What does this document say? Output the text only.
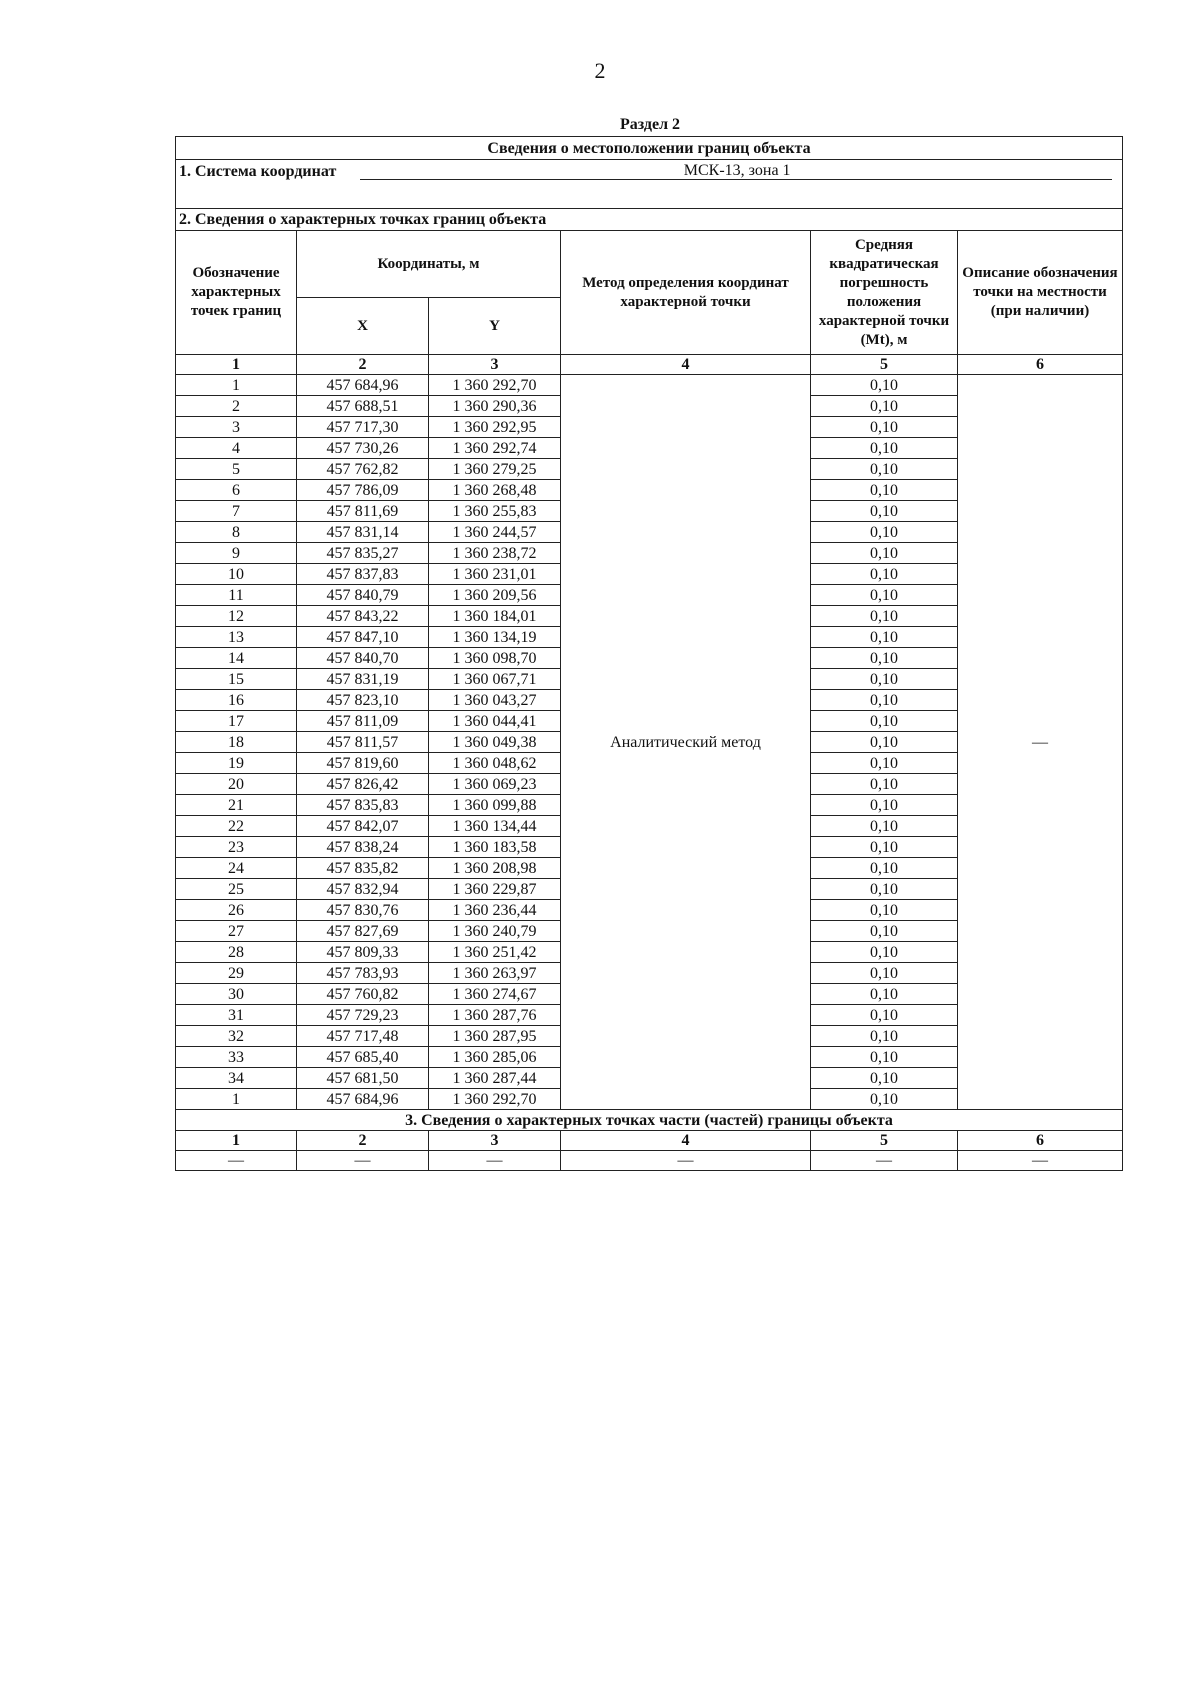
2
Раздел 2
Сведения о местоположении границ объекта					

1. Система координат МСК-13, зона 1					

2. Сведения о характерных точках границ объекта					
Обозначение характерных точек границ	Координаты, м		Метод определения координат характерной точки	Средняя квадратическая погрешность положения характерной точки (Mt), м	Описание обозначения точки на местности (при наличии)
	X	Y			
1	2	3	4	5	6
1	457 684,96	1 360 292,70	Аналитический метод	0,10	—
2	457 688,51	1 360 290,36		0,10	
3	457 717,30	1 360 292,95		0,10	
4	457 730,26	1 360 292,74		0,10	
5	457 762,82	1 360 279,25		0,10	
6	457 786,09	1 360 268,48		0,10	
7	457 811,69	1 360 255,83		0,10	
8	457 831,14	1 360 244,57		0,10	
9	457 835,27	1 360 238,72		0,10	
10	457 837,83	1 360 231,01		0,10	
11	457 840,79	1 360 209,56		0,10	
12	457 843,22	1 360 184,01		0,10	
13	457 847,10	1 360 134,19		0,10	
14	457 840,70	1 360 098,70		0,10	
15	457 831,19	1 360 067,71		0,10	
16	457 823,10	1 360 043,27		0,10	
17	457 811,09	1 360 044,41		0,10	
18	457 811,57	1 360 049,38		0,10	
19	457 819,60	1 360 048,62		0,10	
20	457 826,42	1 360 069,23		0,10	
21	457 835,83	1 360 099,88		0,10	
22	457 842,07	1 360 134,44		0,10	
23	457 838,24	1 360 183,58		0,10	
24	457 835,82	1 360 208,98		0,10	
25	457 832,94	1 360 229,87		0,10	
26	457 830,76	1 360 236,44		0,10	
27	457 827,69	1 360 240,79		0,10	
28	457 809,33	1 360 251,42		0,10	
29	457 783,93	1 360 263,97		0,10	
30	457 760,82	1 360 274,67		0,10	
31	457 729,23	1 360 287,76		0,10	
32	457 717,48	1 360 287,95		0,10	
33	457 685,40	1 360 285,06		0,10	
34	457 681,50	1 360 287,44		0,10	
1	457 684,96	1 360 292,70		0,10	
3. Сведения о характерных точках части (частей) границы объекта					
1	2	3	4	5	6
—	—	—	—	—	—
